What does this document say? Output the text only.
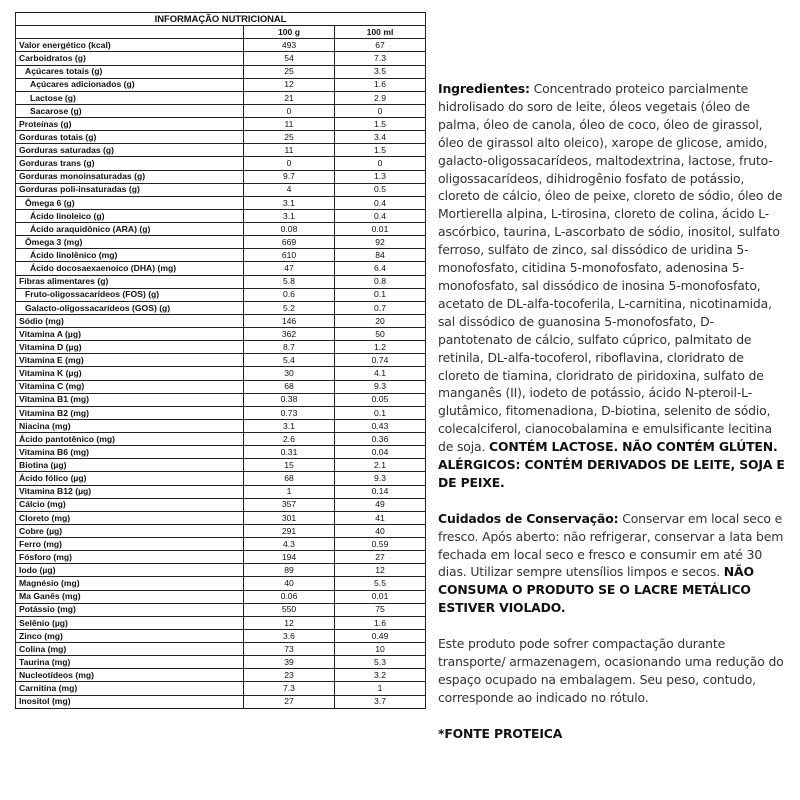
INFORMAÇÃO NUTRICIONAL		
	100 g	100 ml
Valor energético (kcal)	493	67
Carboidratos (g)	54	7.3
Açúcares totais (g)	25	3.5
Açúcares adicionados (g)	12	1.6
Lactose (g)	21	2.9
Sacarose (g)	0	0
Proteínas (g)	11	1.5
Gorduras totais (g)	25	3.4
Gorduras saturadas (g)	11	1.5
Gorduras trans (g)	0	0
Gorduras monoinsaturadas (g)	9.7	1.3
Gorduras poli-insaturadas (g)	4	0.5
Ômega 6 (g)	3.1	0.4
Ácido linoleico (g)	3.1	0.4
Ácido araquidônico (ARA) (g)	0.08	0.01
Ômega 3 (mg)	669	92
Ácido linolênico (mg)	610	84
Ácido docosaexaenoico (DHA) (mg)	47	6.4
Fibras alimentares (g)	5.8	0.8
Fruto-oligossacarídeos (FOS) (g)	0.6	0.1
Galacto-oligossacarídeos (GOS) (g)	5.2	0.7
Sódio (mg)	146	20
Vitamina A (µg)	362	50
Vitamina D (µg)	8.7	1.2
Vitamina E (mg)	5.4	0.74
Vitamina K (µg)	30	4.1
Vitamina C (mg)	68	9.3
Vitamina B1 (mg)	0.38	0.05
Vitamina B2 (mg)	0.73	0.1
Niacina (mg)	3.1	0.43
Ácido pantotênico (mg)	2.6	0.36
Vitamina B6 (mg)	0.31	0.04
Biotina (µg)	15	2.1
Ácido fólico (µg)	68	9.3
Vitamina B12 (µg)	1	0.14
Cálcio (mg)	357	49
Cloreto (mg)	301	41
Cobre (µg)	291	40
Ferro (mg)	4.3	0.59
Fósforo (mg)	194	27
Iodo (µg)	89	12
Magnésio (mg)	40	5.5
Ma Ganês (mg)	0.06	0.01
Potássio (mg)	550	75
Selênio (µg)	12	1.6
Zinco (mg)	3.6	0.49
Colina (mg)	73	10
Taurina (mg)	39	5.3
Nucleotídeos (mg)	23	3.2
Carnitina (mg)	7.3	1
Inositol (mg)	27	3.7

Ingredientes: Concentrado proteico parcialmente hidrolisado do soro de leite, óleos vegetais (óleo de palma, óleo de canola, óleo de coco, óleo de girassol, óleo de girassol alto oleico), xarope de glicose, amido, galacto-oligossacarídeos, maltodextrina, lactose, fruto-oligossacarídeos, dihidrogênio fosfato de potássio, cloreto de cálcio, óleo de peixe, cloreto de sódio, óleo de Mortierella alpina, L-tirosina, cloreto de colina, ácido L-ascórbico, taurina, L-ascorbato de sódio, inositol, sulfato ferroso, sulfato de zinco, sal dissódico de uridina 5-monofosfato, citidina 5-monofosfato, adenosina 5-monofosfato, sal dissódico de inosina 5-monofosfato, acetato de DL-alfa-tocoferila, L-carnitina, nicotinamida, sal dissódico de guanosina 5-monofosfato, D-pantotenato de cálcio, sulfato cúprico, palmitato de retinila, DL-alfa-tocoferol, riboflavina, cloridrato de cloreto de tiamina, cloridrato de piridoxina, sulfato de manganês (II), iodeto de potássio, ácido N-pteroil-L-glutâmico, fitomenadiona, D-biotina, selenito de sódio, colecalciferol, cianocobalamina e emulsificante lecitina de soja. CONTÉM LACTOSE. NÃO CONTÉM GLÚTEN. ALÉRGICOS: CONTÉM DERIVADOS DE LEITE, SOJA E DE PEIXE.

Cuidados de Conservação: Conservar em local seco e fresco. Após aberto: não refrigerar, conservar a lata bem fechada em local seco e fresco e consumir em até 30 dias. Utilizar sempre utensílios limpos e secos. NÃO CONSUMA O PRODUTO SE O LACRE METÁLICO ESTIVER VIOLADO.

Este produto pode sofrer compactação durante transporte/ armazenagem, ocasionando uma redução do espaço ocupado na embalagem. Seu peso, contudo, corresponde ao indicado no rótulo.

*FONTE PROTEICA
